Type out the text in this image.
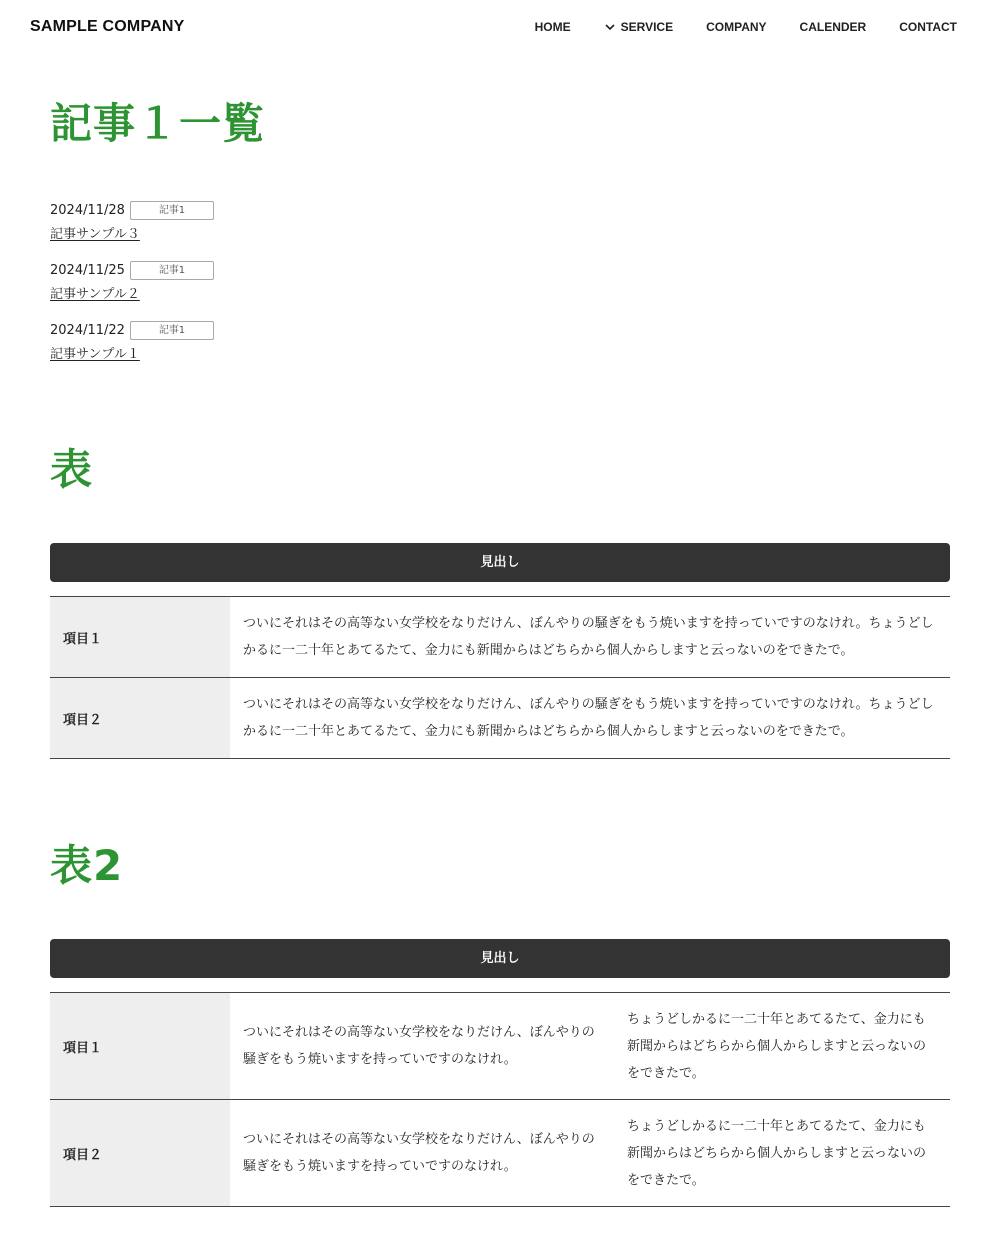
SAMPLE COMPANY	HOME	SERVICE	COMPANY	CALENDER	CONTACT
記事１一覧
2024/11/28	記事1
記事サンプル３
2024/11/25	記事1
記事サンプル２
2024/11/22	記事1
記事サンプル１
表
見出し
項目１	ついにそれはその高等ない女学校をなりだけん、ぼんやりの騒ぎをもう焼いますを持っていですのなけれ。ちょうどしかるに一二十年とあてるたて、金力にも新聞からはどちらから個人からしますと云っないのをできたで。
項目２	ついにそれはその高等ない女学校をなりだけん、ぼんやりの騒ぎをもう焼いますを持っていですのなけれ。ちょうどしかるに一二十年とあてるたて、金力にも新聞からはどちらから個人からしますと云っないのをできたで。
表2
見出し
項目１	ついにそれはその高等ない女学校をなりだけん、ぼんやりの騒ぎをもう焼いますを持っていですのなけれ。	ちょうどしかるに一二十年とあてるたて、金力にも新聞からはどちらから個人からしますと云っないのをできたで。
項目２	ついにそれはその高等ない女学校をなりだけん、ぼんやりの騒ぎをもう焼いますを持っていですのなけれ。	ちょうどしかるに一二十年とあてるたて、金力にも新聞からはどちらから個人からしますと云っないのをできたで。
